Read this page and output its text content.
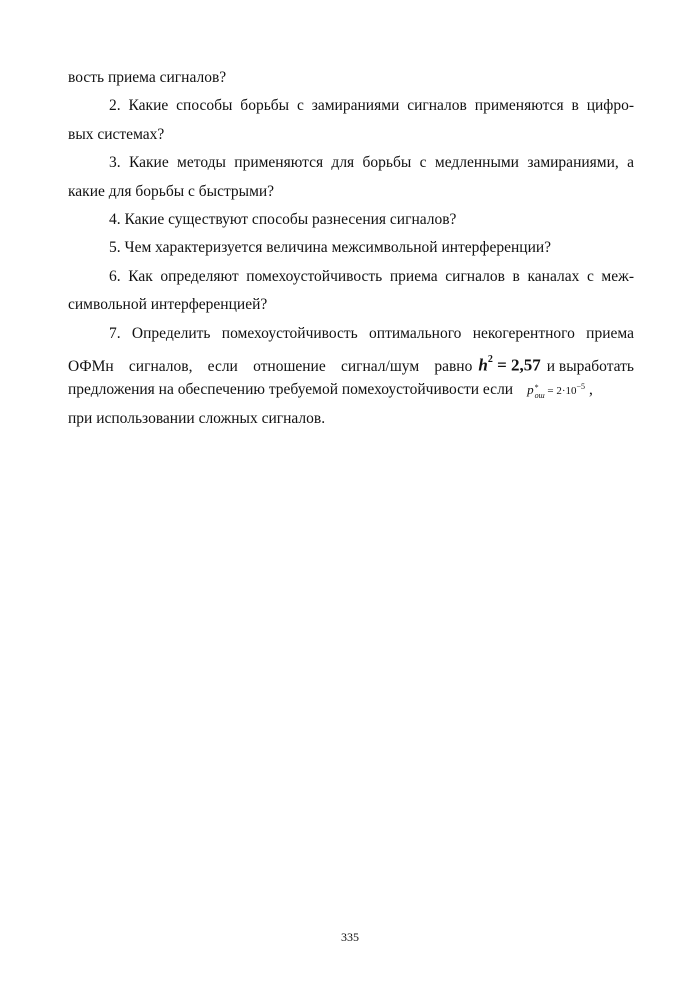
вость приема сигналов?
2. Какие способы борьбы с замираниями сигналов применяются в цифро-
вых системах?
3. Какие методы применяются для борьбы с медленными замираниями, а
какие для борьбы с быстрыми?
4. Какие существуют способы разнесения сигналов?
5. Чем характеризуется величина межсимвольной интерференции?
6. Как определяют помехоустойчивость приема сигналов в каналах с меж-
символьной интерференцией?
7. Определить помехоустойчивость оптимального некогерентного приема
ОФМн сигналов, если отношение сигнал/шум равно $h^2 = 2,57$ и выработать
предложения на обеспечению требуемой помехоустойчивости если p *
ош = $2\cdot 10^{-5}$ ,
при использовании сложных сигналов.
335
